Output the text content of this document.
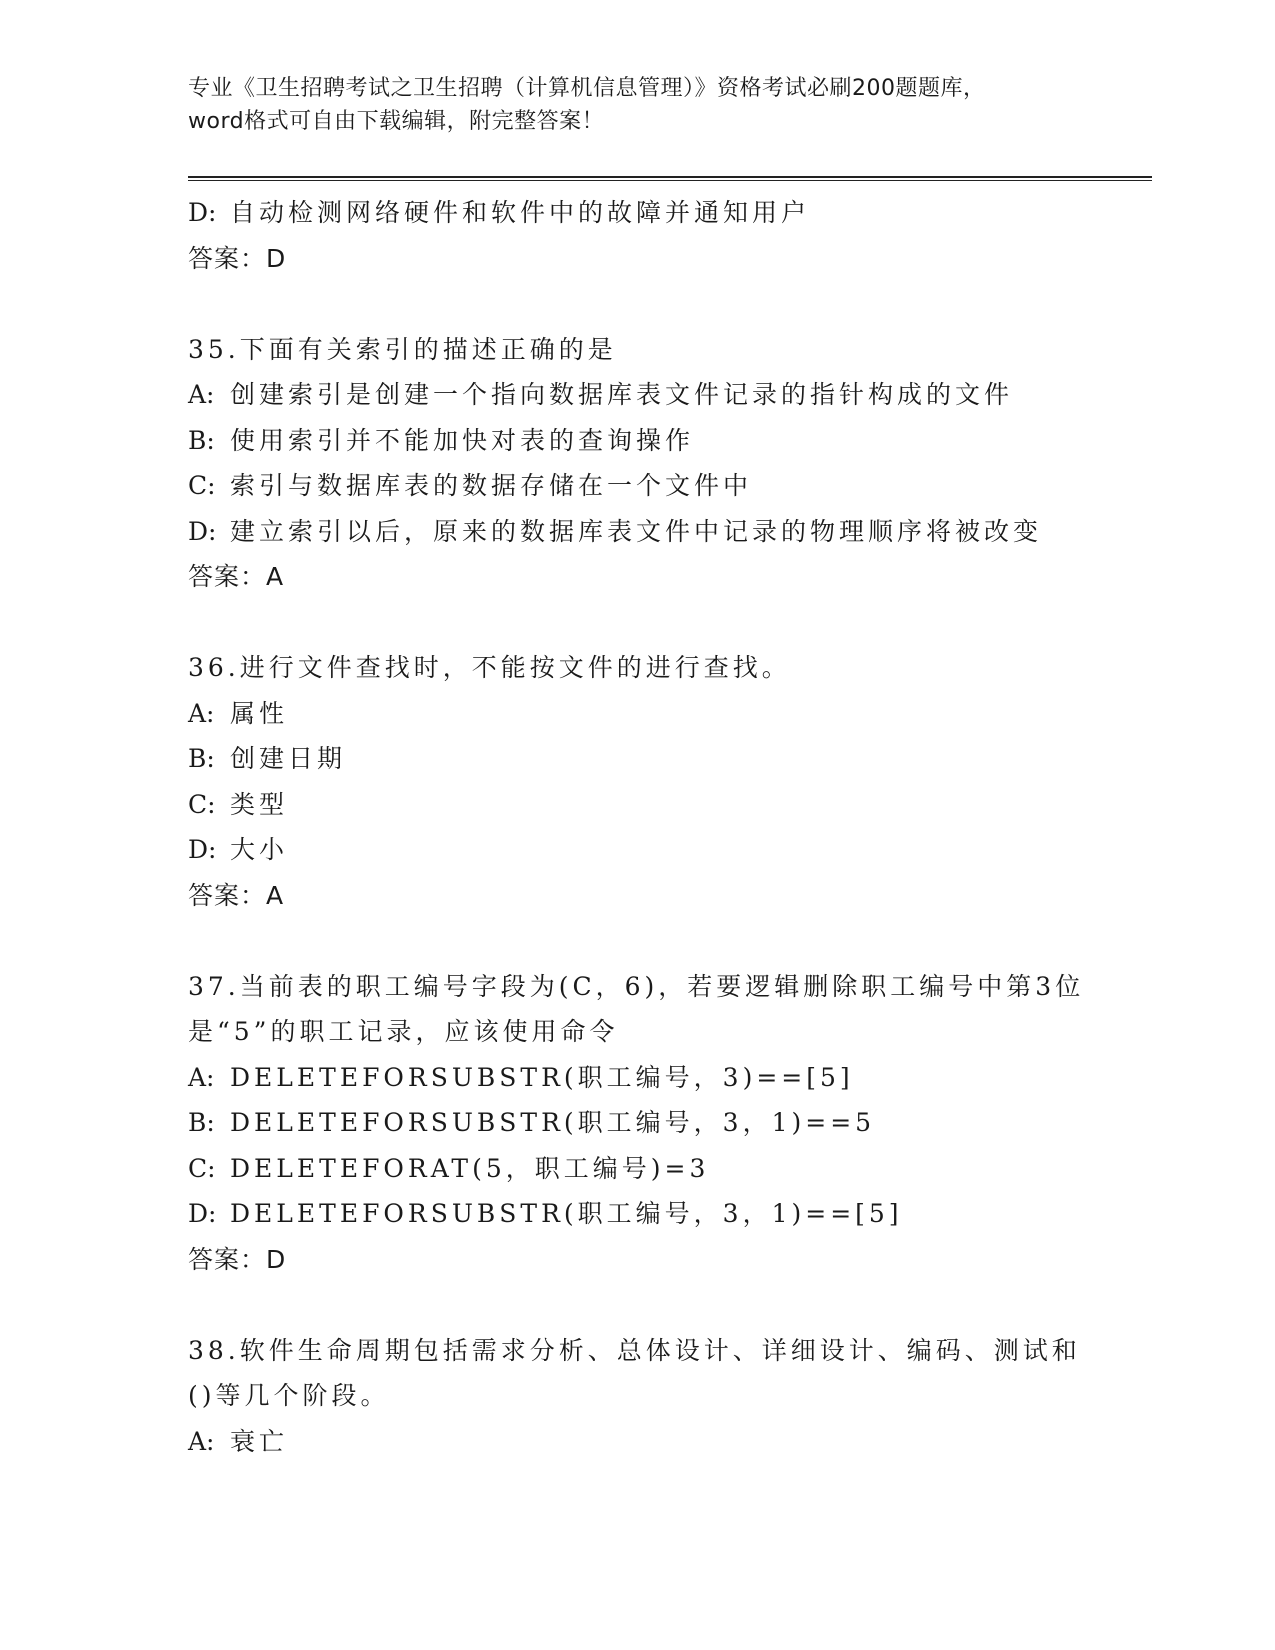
专业《卫生招聘考试之卫生招聘（计算机信息管理）》资格考试必刷200题题库，
word格式可自由下载编辑，附完整答案！
D: 自动检测网络硬件和软件中的故障并通知用户
答案：D
35.下面有关索引的描述正确的是
A: 创建索引是创建一个指向数据库表文件记录的指针构成的文件
B: 使用索引并不能加快对表的查询操作
C: 索引与数据库表的数据存储在一个文件中
D: 建立索引以后，原来的数据库表文件中记录的物理顺序将被改变
答案：A
36.进行文件查找时，不能按文件的进行查找。
A: 属性
B: 创建日期
C: 类型
D: 大小
答案：A
37.当前表的职工编号字段为(C，6)，若要逻辑删除职工编号中第3位是“5”的职工记录，应该使用命令
A: DELETEFORSUBSTR(职工编号，3)==[5]
B: DELETEFORSUBSTR(职工编号，3，1)==5
C: DELETEFORAT(5，职工编号)=3
D: DELETEFORSUBSTR(职工编号，3，1)==[5]
答案：D
38.软件生命周期包括需求分析、总体设计、详细设计、编码、测试和()等几个阶段。
A: 衰亡
